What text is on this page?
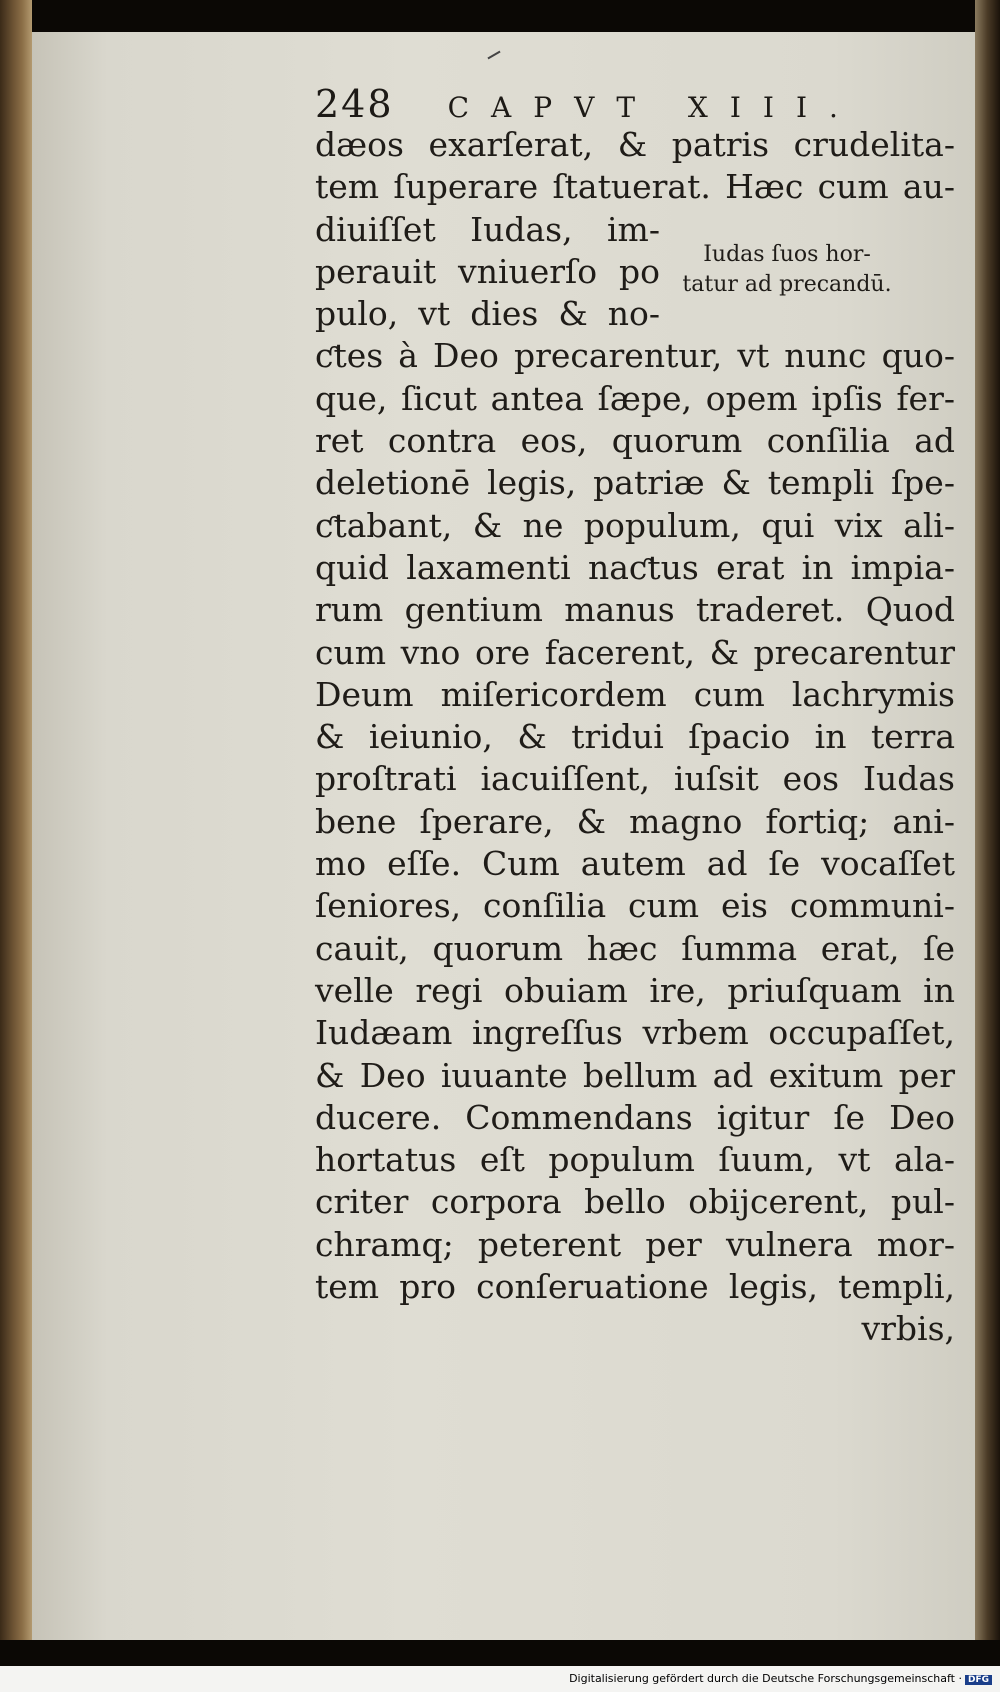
248 CAPVT XIII.
dæos exarſerat, & patris crudelita-
tem ſuperare ſtatuerat. Hæc cum au-
diuiſſet Iudas, im-
perauit vniuerſo po
pulo, vt dies & no-
ƈtes à Deo precarentur, vt nunc quo-
que, ſicut antea ſæpe, opem ipſis fer-
ret contra eos, quorum conſilia ad
deletionē legis, patriæ & templi ſpe-
ƈtabant, & ne populum, qui vix ali-
quid laxamenti naƈtus erat in impia-
rum gentium manus traderet. Quod
cum vno ore facerent, & precarentur
Deum miſericordem cum lachrymis
& ieiunio, & tridui ſpacio in terra
proſtrati iacuiſſent, iuſsit eos Iudas
bene ſperare, & magno fortiq; ani-
mo eſſe. Cum autem ad ſe vocaſſet
ſeniores, conſilia cum eis communi-
cauit, quorum hæc ſumma erat, ſe
velle regi obuiam ire, priuſquam in
Iudæam ingreſſus vrbem occupaſſet,
& Deo iuuante bellum ad exitum per
ducere. Commendans igitur ſe Deo
hortatus eſt populum ſuum, vt ala-
criter corpora bello obijcerent, pul-
chramq; peterent per vulnera mor-
tem pro conſeruatione legis, templi,
vrbis,
Iudas ſuos hor-
tatur ad precandū.
Digitalisierung gefördert durch die Deutsche Forschungsgemeinschaft · DFG
